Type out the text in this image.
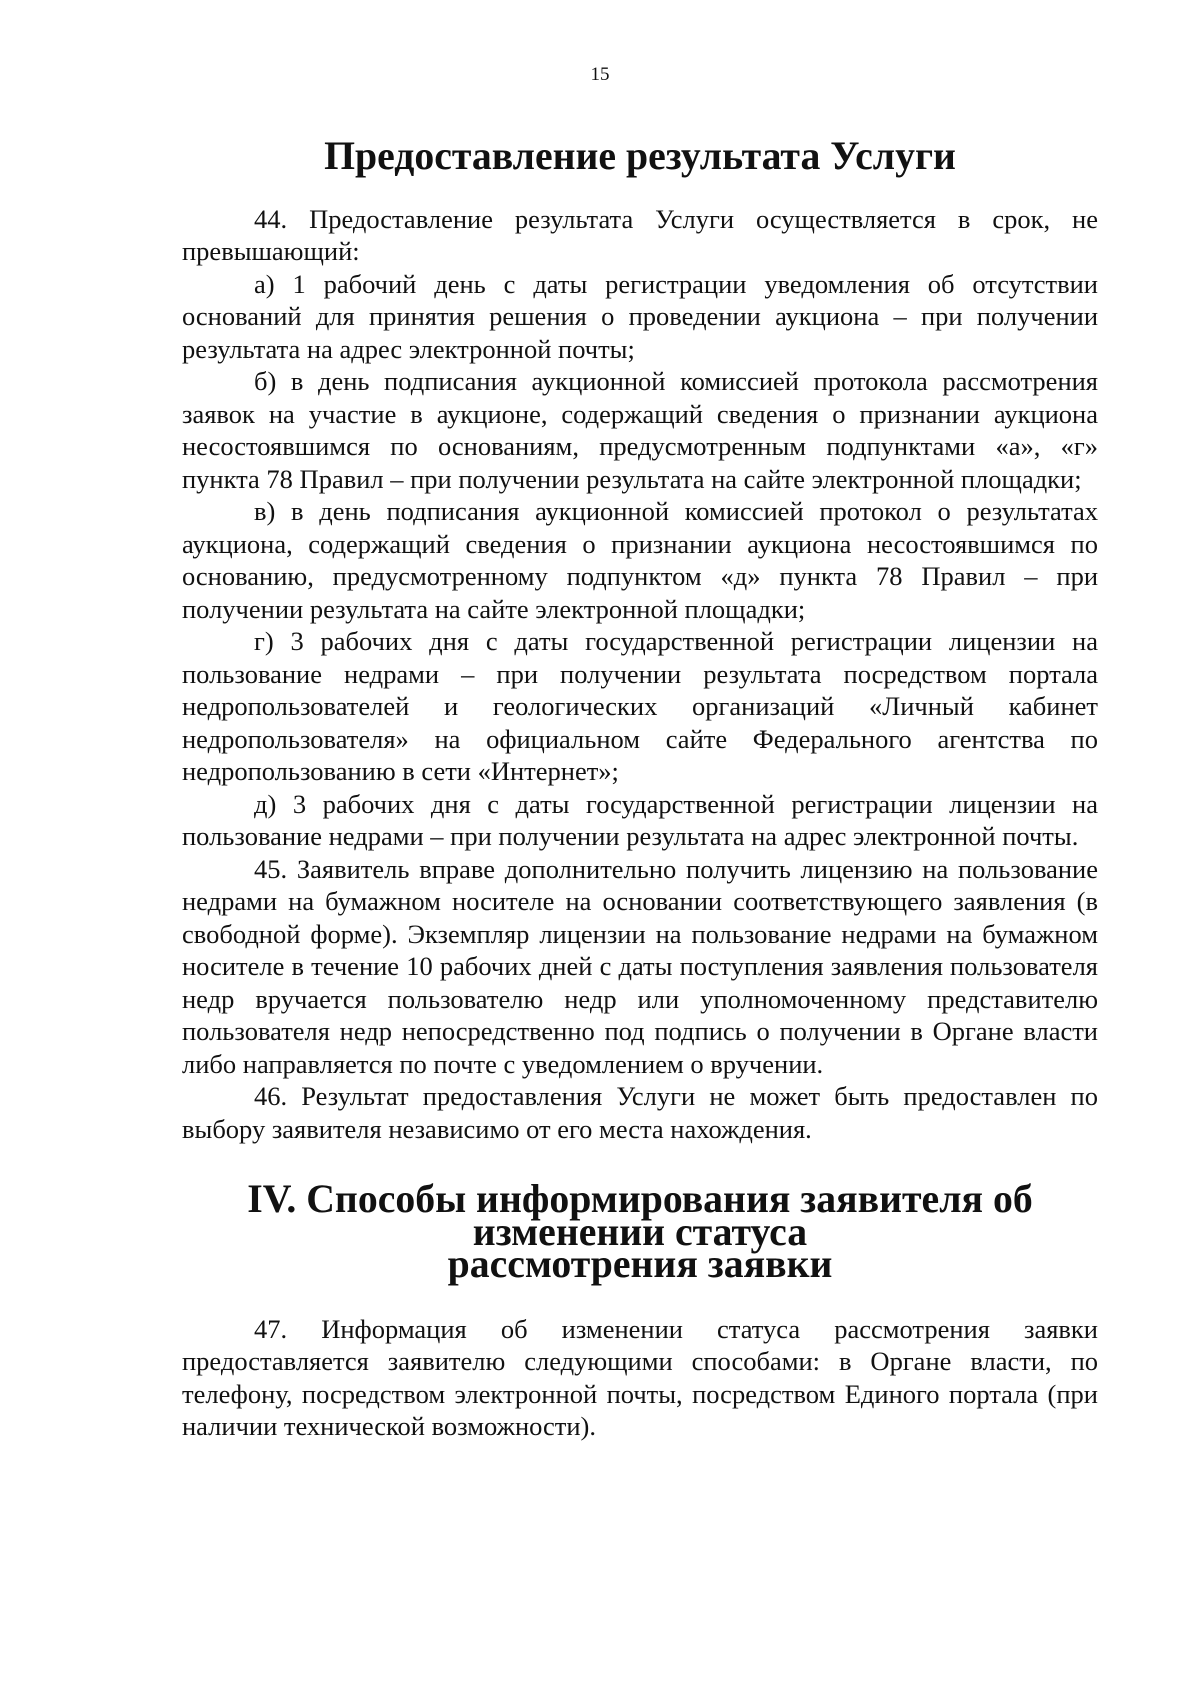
15
Предоставление результата Услуги

44. Предоставление результата Услуги осуществляется в срок, не превышающий:

а) 1 рабочий день с даты регистрации уведомления об отсутствии оснований для принятия решения о проведении аукциона – при получении результата на адрес электронной почты;

б) в день подписания аукционной комиссией протокола рассмотрения заявок на участие в аукционе, содержащий сведения о признании аукциона несостоявшимся по основаниям, предусмотренным подпунктами «а», «г» пункта 78 Правил – при получении результата на сайте электронной площадки;

в) в день подписания аукционной комиссией протокол о результатах аукциона, содержащий сведения о признании аукциона несостоявшимся по основанию, предусмотренному подпунктом «д» пункта 78 Правил – при получении результата на сайте электронной площадки;

г) 3 рабочих дня с даты государственной регистрации лицензии на пользование недрами – при получении результата посредством портала недропользователей и геологических организаций «Личный кабинет недропользователя» на официальном сайте Федерального агентства по недропользованию в сети «Интернет»;

д) 3 рабочих дня с даты государственной регистрации лицензии на пользование недрами – при получении результата на адрес электронной почты.

45. Заявитель вправе дополнительно получить лицензию на пользование недрами на бумажном носителе на основании соответствующего заявления (в свободной форме). Экземпляр лицензии на пользование недрами на бумажном носителе в течение 10 рабочих дней с даты поступления заявления пользователя недр вручается пользователю недр или уполномоченному представителю пользователя недр непосредственно под подпись о получении в Органе власти либо направляется по почте с уведомлением о вручении.

46. Результат предоставления Услуги не может быть предоставлен по выбору заявителя независимо от его места нахождения.

IV. Способы информирования заявителя об изменении статуса
рассмотрения заявки

47. Информация об изменении статуса рассмотрения заявки предоставляется заявителю следующими способами: в Органе власти, по телефону, посредством электронной почты, посредством Единого портала (при наличии технической возможности).
